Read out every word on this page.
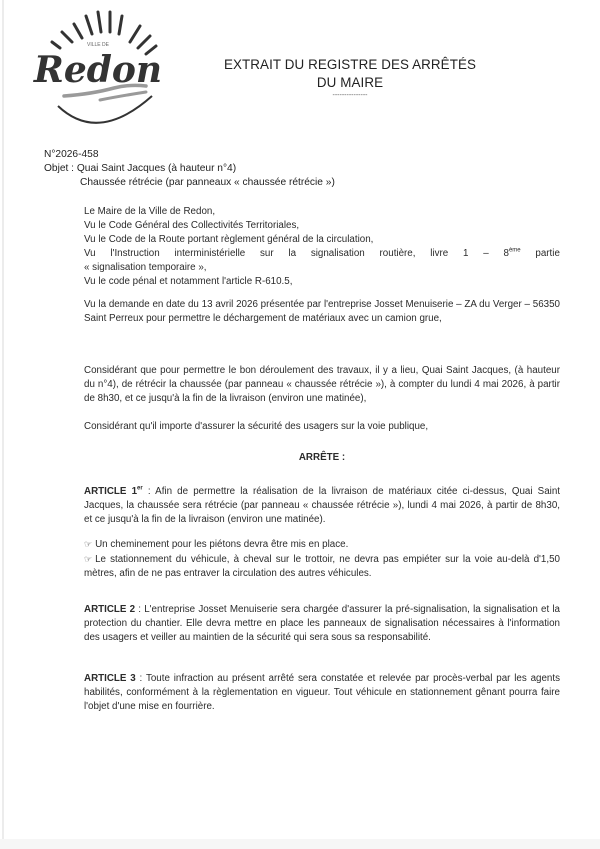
VILLE DE
Redon	EXTRAIT DU REGISTRE DES ARRÊTÉS
DU MAIRE
---------------
N°2026-458
Objet : Quai Saint Jacques (à hauteur n°4)
Chaussée rétrécie (par panneaux « chaussée rétrécie »)
Le Maire de la Ville de Redon,
Vu le Code Général des Collectivités Territoriales,
Vu le Code de la Route portant règlement général de la circulation,
Vu l'Instruction interministérielle sur la signalisation routière, livre 1 – 8ème partie
« signalisation temporaire »,
Vu le code pénal et notamment l'article R-610.5,
Vu la demande en date du 13 avril 2026 présentée par l'entreprise Josset Menuiserie – ZA du Verger – 56350 Saint Perreux pour permettre le déchargement de matériaux avec un camion grue,
Considérant que pour permettre le bon déroulement des travaux, il y a lieu, Quai Saint Jacques, (à hauteur du n°4), de rétrécir la chaussée (par panneau « chaussée rétrécie »), à compter du lundi 4 mai 2026, à partir de 8h30, et ce jusqu'à la fin de la livraison (environ une matinée),
Considérant qu'il importe d'assurer la sécurité des usagers sur la voie publique,
ARRÊTE :
ARTICLE 1er : Afin de permettre la réalisation de la livraison de matériaux citée ci-dessus, Quai Saint Jacques, la chaussée sera rétrécie (par panneau « chaussée rétrécie »), lundi 4 mai 2026, à partir de 8h30, et ce jusqu'à la fin de la livraison (environ une matinée).
☞ Un cheminement pour les piétons devra être mis en place.
☞ Le stationnement du véhicule, à cheval sur le trottoir, ne devra pas empiéter sur la voie au-delà d'1,50 mètres, afin de ne pas entraver la circulation des autres véhicules.
ARTICLE 2 : L'entreprise Josset Menuiserie sera chargée d'assurer la pré-signalisation, la signalisation et la protection du chantier. Elle devra mettre en place les panneaux de signalisation nécessaires à l'information des usagers et veiller au maintien de la sécurité qui sera sous sa responsabilité.
ARTICLE 3 : Toute infraction au présent arrêté sera constatée et relevée par procès-verbal par les agents habilités, conformément à la règlementation en vigueur. Tout véhicule en stationnement gênant pourra faire l'objet d'une mise en fourrière.
